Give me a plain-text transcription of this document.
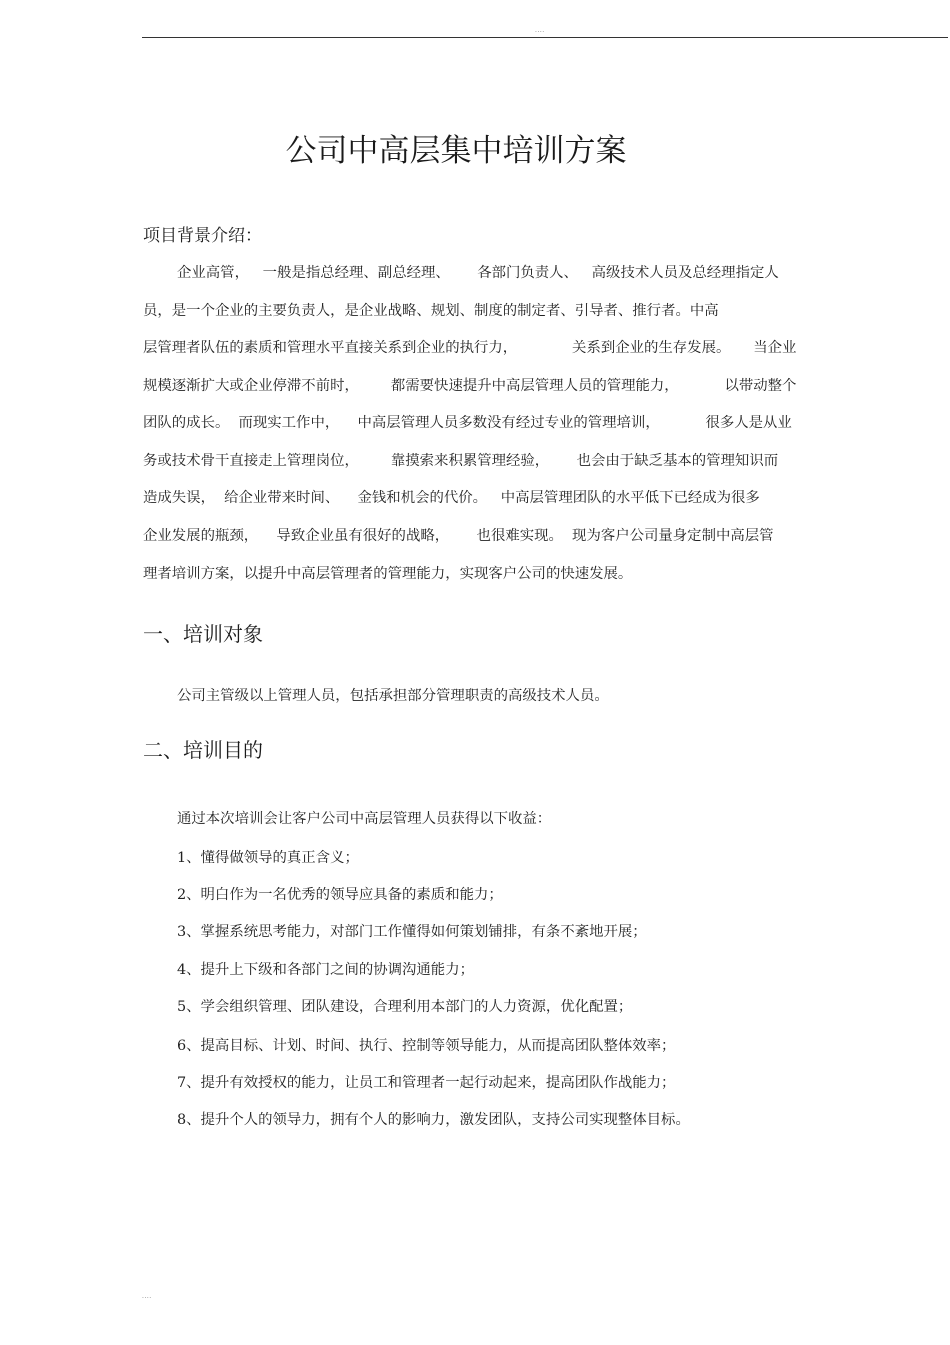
....
公司中高层集中培训方案
项目背景介绍：
企业高管，   一般是指总经理、副总经理、      各部门负责人、   高级技术人员及总经理指定人
员，是一个企业的主要负责人，是企业战略、规划、制度的制定者、引导者、推行者。中高
层管理者队伍的素质和管理水平直接关系到企业的执行力，            关系到企业的生存发展。     当企业
规模逐渐扩大或企业停滞不前时，       都需要快速提升中高层管理人员的管理能力，          以带动整个
团队的成长。  而现实工作中，    中高层管理人员多数没有经过专业的管理培训，          很多人是从业
务或技术骨干直接走上管理岗位，       靠摸索来积累管理经验，      也会由于缺乏基本的管理知识而
造成失误，  给企业带来时间、    金钱和机会的代价。   中高层管理团队的水平低下已经成为很多
企业发展的瓶颈，    导致企业虽有很好的战略，      也很难实现。  现为客户公司量身定制中高层管
理者培训方案，以提升中高层管理者的管理能力，实现客户公司的快速发展。
一、培训对象
公司主管级以上管理人员，包括承担部分管理职责的高级技术人员。
二、培训目的
通过本次培训会让客户公司中高层管理人员获得以下收益：
1、懂得做领导的真正含义；
2、明白作为一名优秀的领导应具备的素质和能力；
3、掌握系统思考能力，对部门工作懂得如何策划铺排，有条不紊地开展；
4、提升上下级和各部门之间的协调沟通能力；
5、学会组织管理、团队建设，合理利用本部门的人力资源，优化配置；
6、提高目标、计划、时间、执行、控制等领导能力，从而提高团队整体效率；
7、提升有效授权的能力，让员工和管理者一起行动起来，提高团队作战能力；
8、提升个人的领导力，拥有个人的影响力，激发团队，支持公司实现整体目标。
....
